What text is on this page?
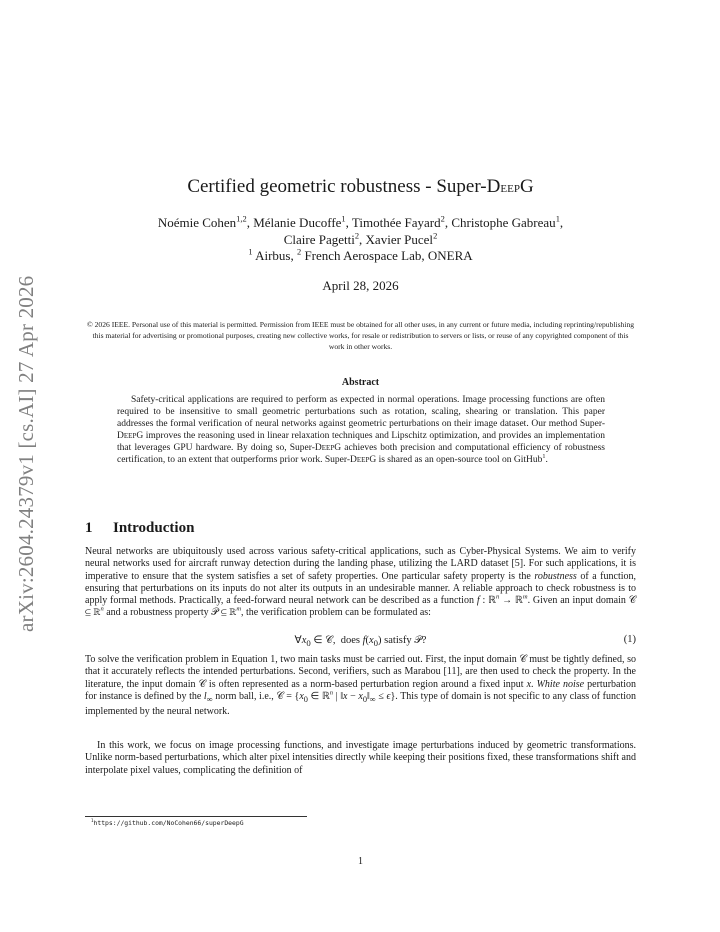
arXiv:2604.24379v1 [cs.AI] 27 Apr 2026
Certified geometric robustness - Super-DeepG
Noémie Cohen$^{1,2}$, Mélanie Ducoffe$^1$, Timothée Fayard$^2$, Christophe Gabreau$^1$,
Claire Pagetti$^2$, Xavier Pucel$^2$
$^1$ Airbus, $^2$ French Aerospace Lab, ONERA
April 28, 2026
© 2026 IEEE. Personal use of this material is permitted. Permission from IEEE must be obtained for all other uses, in any current or future media, including reprinting/republishing this material for advertising or promotional purposes, creating new collective works, for resale or redistribution to servers or lists, or reuse of any copyrighted component of this work in other works.
Abstract
Safety-critical applications are required to perform as expected in normal operations. Image processing functions are often required to be insensitive to small geometric perturbations such as rotation, scaling, shearing or translation. This paper addresses the formal verification of neural networks against geometric perturbations on their image dataset. Our method Super-DeepG improves the reasoning used in linear relaxation techniques and Lipschitz optimization, and provides an implementation that leverages GPU hardware. By doing so, Super-DeepG achieves both precision and computational efficiency of robustness certification, to an extent that outperforms prior work. Super-DeepG is shared as an open-source tool on GitHub$^1$.
1 Introduction
Neural networks are ubiquitously used across various safety-critical applications, such as Cyber-Physical Systems. We aim to verify neural networks used for aircraft runway detection during the landing phase, utilizing the LARD dataset [5]. For such applications, it is imperative to ensure that the system satisfies a set of safety properties. One particular safety property is the robustness of a function, ensuring that perturbations on its inputs do not alter its outputs in an undesirable manner. A reliable approach to check robustness is to apply formal methods. Practically, a feed-forward neural network can be described as a function f : ℝ$^n$ → ℝ$^m$. Given an input domain 𝒞 ⊆ ℝ$^n$ and a robustness property 𝒫 ⊆ ℝ$^m$, the verification problem can be formulated as:
$\forall x_0$ ∈ 𝒞,  does $f(x_0)$ satisfy 𝒫?	(1)
To solve the verification problem in Equation 1, two main tasks must be carried out. First, the input domain 𝒞 must be tightly defined, so that it accurately reflects the intended perturbations. Second, verifiers, such as Marabou [11], are then used to check the property. In the literature, the input domain 𝒞 is often represented as a norm-based perturbation region around a fixed input x. White noise perturbation for instance is defined by the $l_\infty$ norm ball, i.e., 𝒞 = {$x_0$ ∈ ℝ$^n$ | ‖x − $x_0‖_\infty \le \epsilon$}. This type of domain is not specific to any class of function implemented by the neural network.
In this work, we focus on image processing functions, and investigate image perturbations induced by geometric transformations. Unlike norm-based perturbations, which alter pixel intensities directly while keeping their positions fixed, these transformations shift and interpolate pixel values, complicating the definition of
$^1$https://github.com/NoCohen66/superDeepG
1
